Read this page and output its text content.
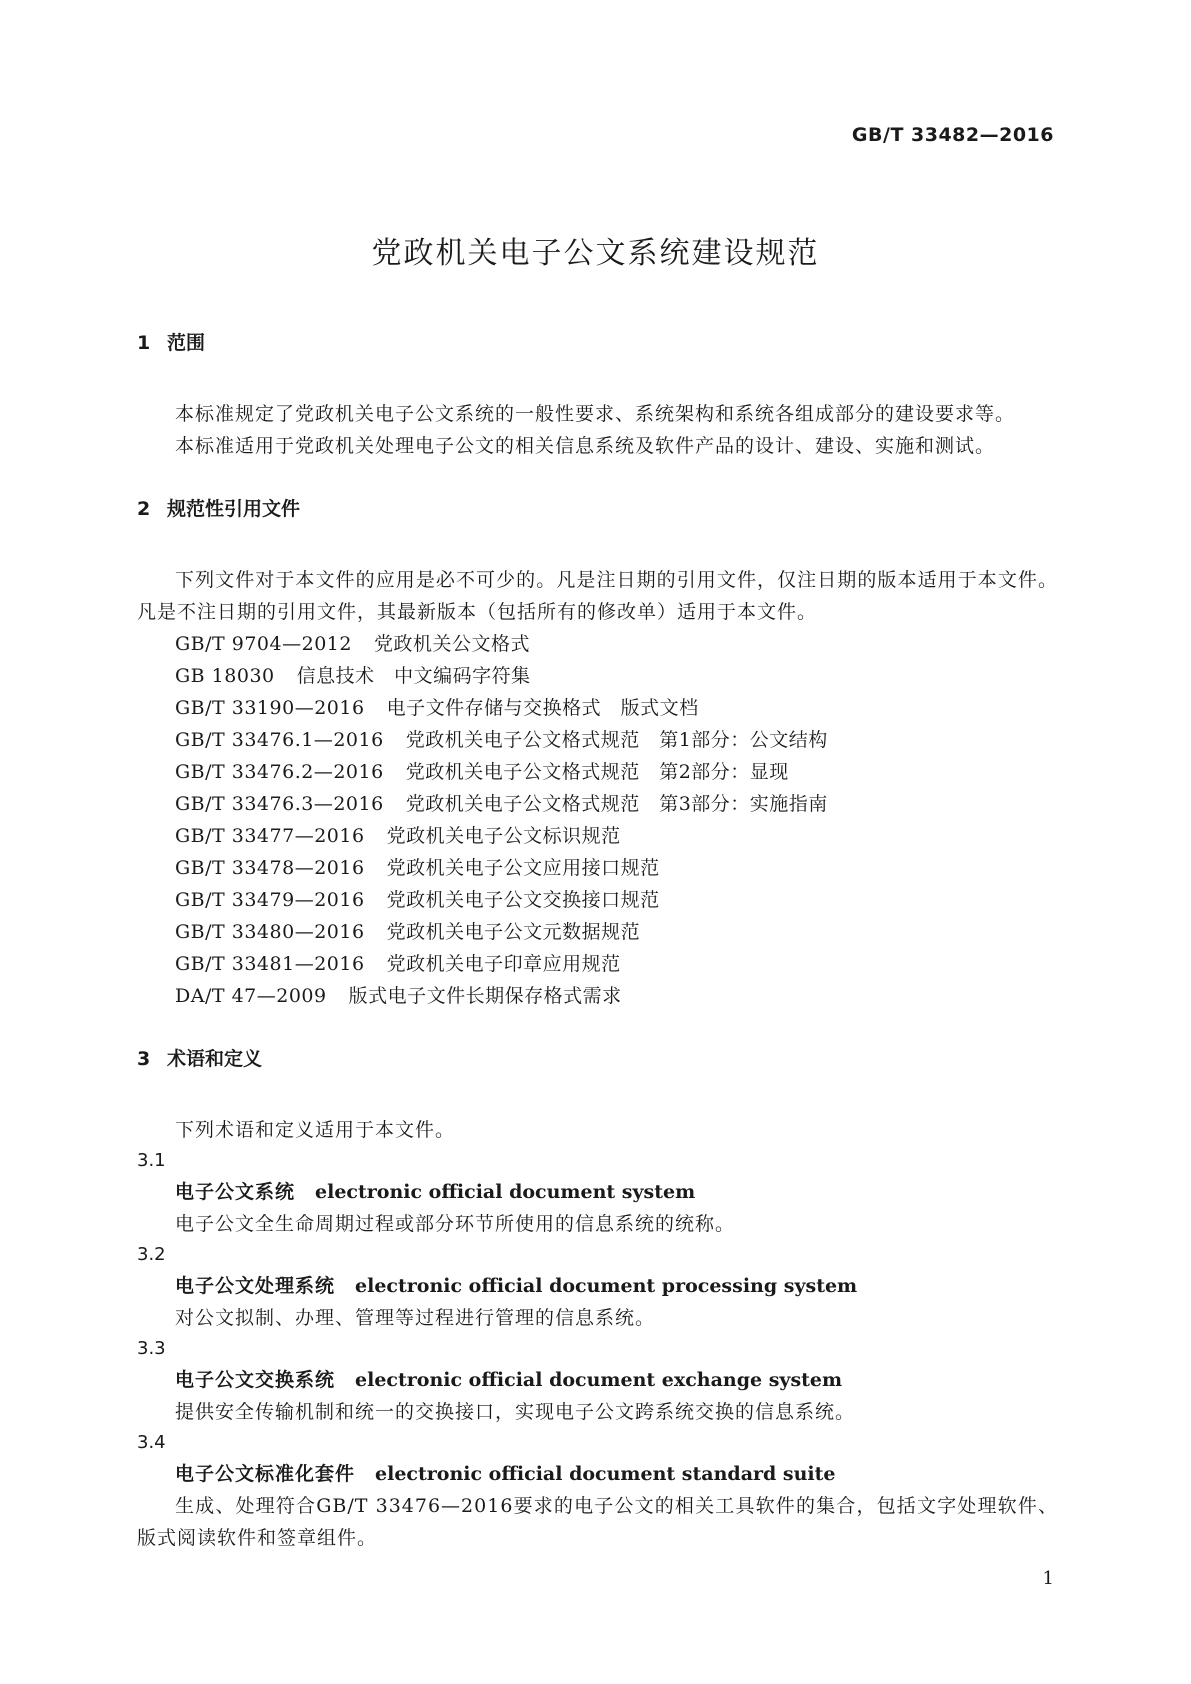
GB/T 33482—2016
党政机关电子公文系统建设规范
1 范围
本标准规定了党政机关电子公文系统的一般性要求、系统架构和系统各组成部分的建设要求等。
本标准适用于党政机关处理电子公文的相关信息系统及软件产品的设计、建设、实施和测试。
2 规范性引用文件
下列文件对于本文件的应用是必不可少的。凡是注日期的引用文件，仅注日期的版本适用于本文件。凡是不注日期的引用文件，其最新版本（包括所有的修改单）适用于本文件。
GB/T 9704—2012 党政机关公文格式
GB 18030 信息技术　中文编码字符集
GB/T 33190—2016 电子文件存储与交换格式　版式文档
GB/T 33476.1—2016 党政机关电子公文格式规范　第1部分：公文结构
GB/T 33476.2—2016 党政机关电子公文格式规范　第2部分：显现
GB/T 33476.3—2016 党政机关电子公文格式规范　第3部分：实施指南
GB/T 33477—2016 党政机关电子公文标识规范
GB/T 33478—2016 党政机关电子公文应用接口规范
GB/T 33479—2016 党政机关电子公文交换接口规范
GB/T 33480—2016 党政机关电子公文元数据规范
GB/T 33481—2016 党政机关电子印章应用规范
DA/T 47—2009 版式电子文件长期保存格式需求
3 术语和定义
下列术语和定义适用于本文件。
3.1
电子公文系统 electronic official document system
电子公文全生命周期过程或部分环节所使用的信息系统的统称。
3.2
电子公文处理系统 electronic official document processing system
对公文拟制、办理、管理等过程进行管理的信息系统。
3.3
电子公文交换系统 electronic official document exchange system
提供安全传输机制和统一的交换接口，实现电子公文跨系统交换的信息系统。
3.4
电子公文标准化套件 electronic official document standard suite
生成、处理符合GB/T 33476—2016要求的电子公文的相关工具软件的集合，包括文字处理软件、版式阅读软件和签章组件。
1
